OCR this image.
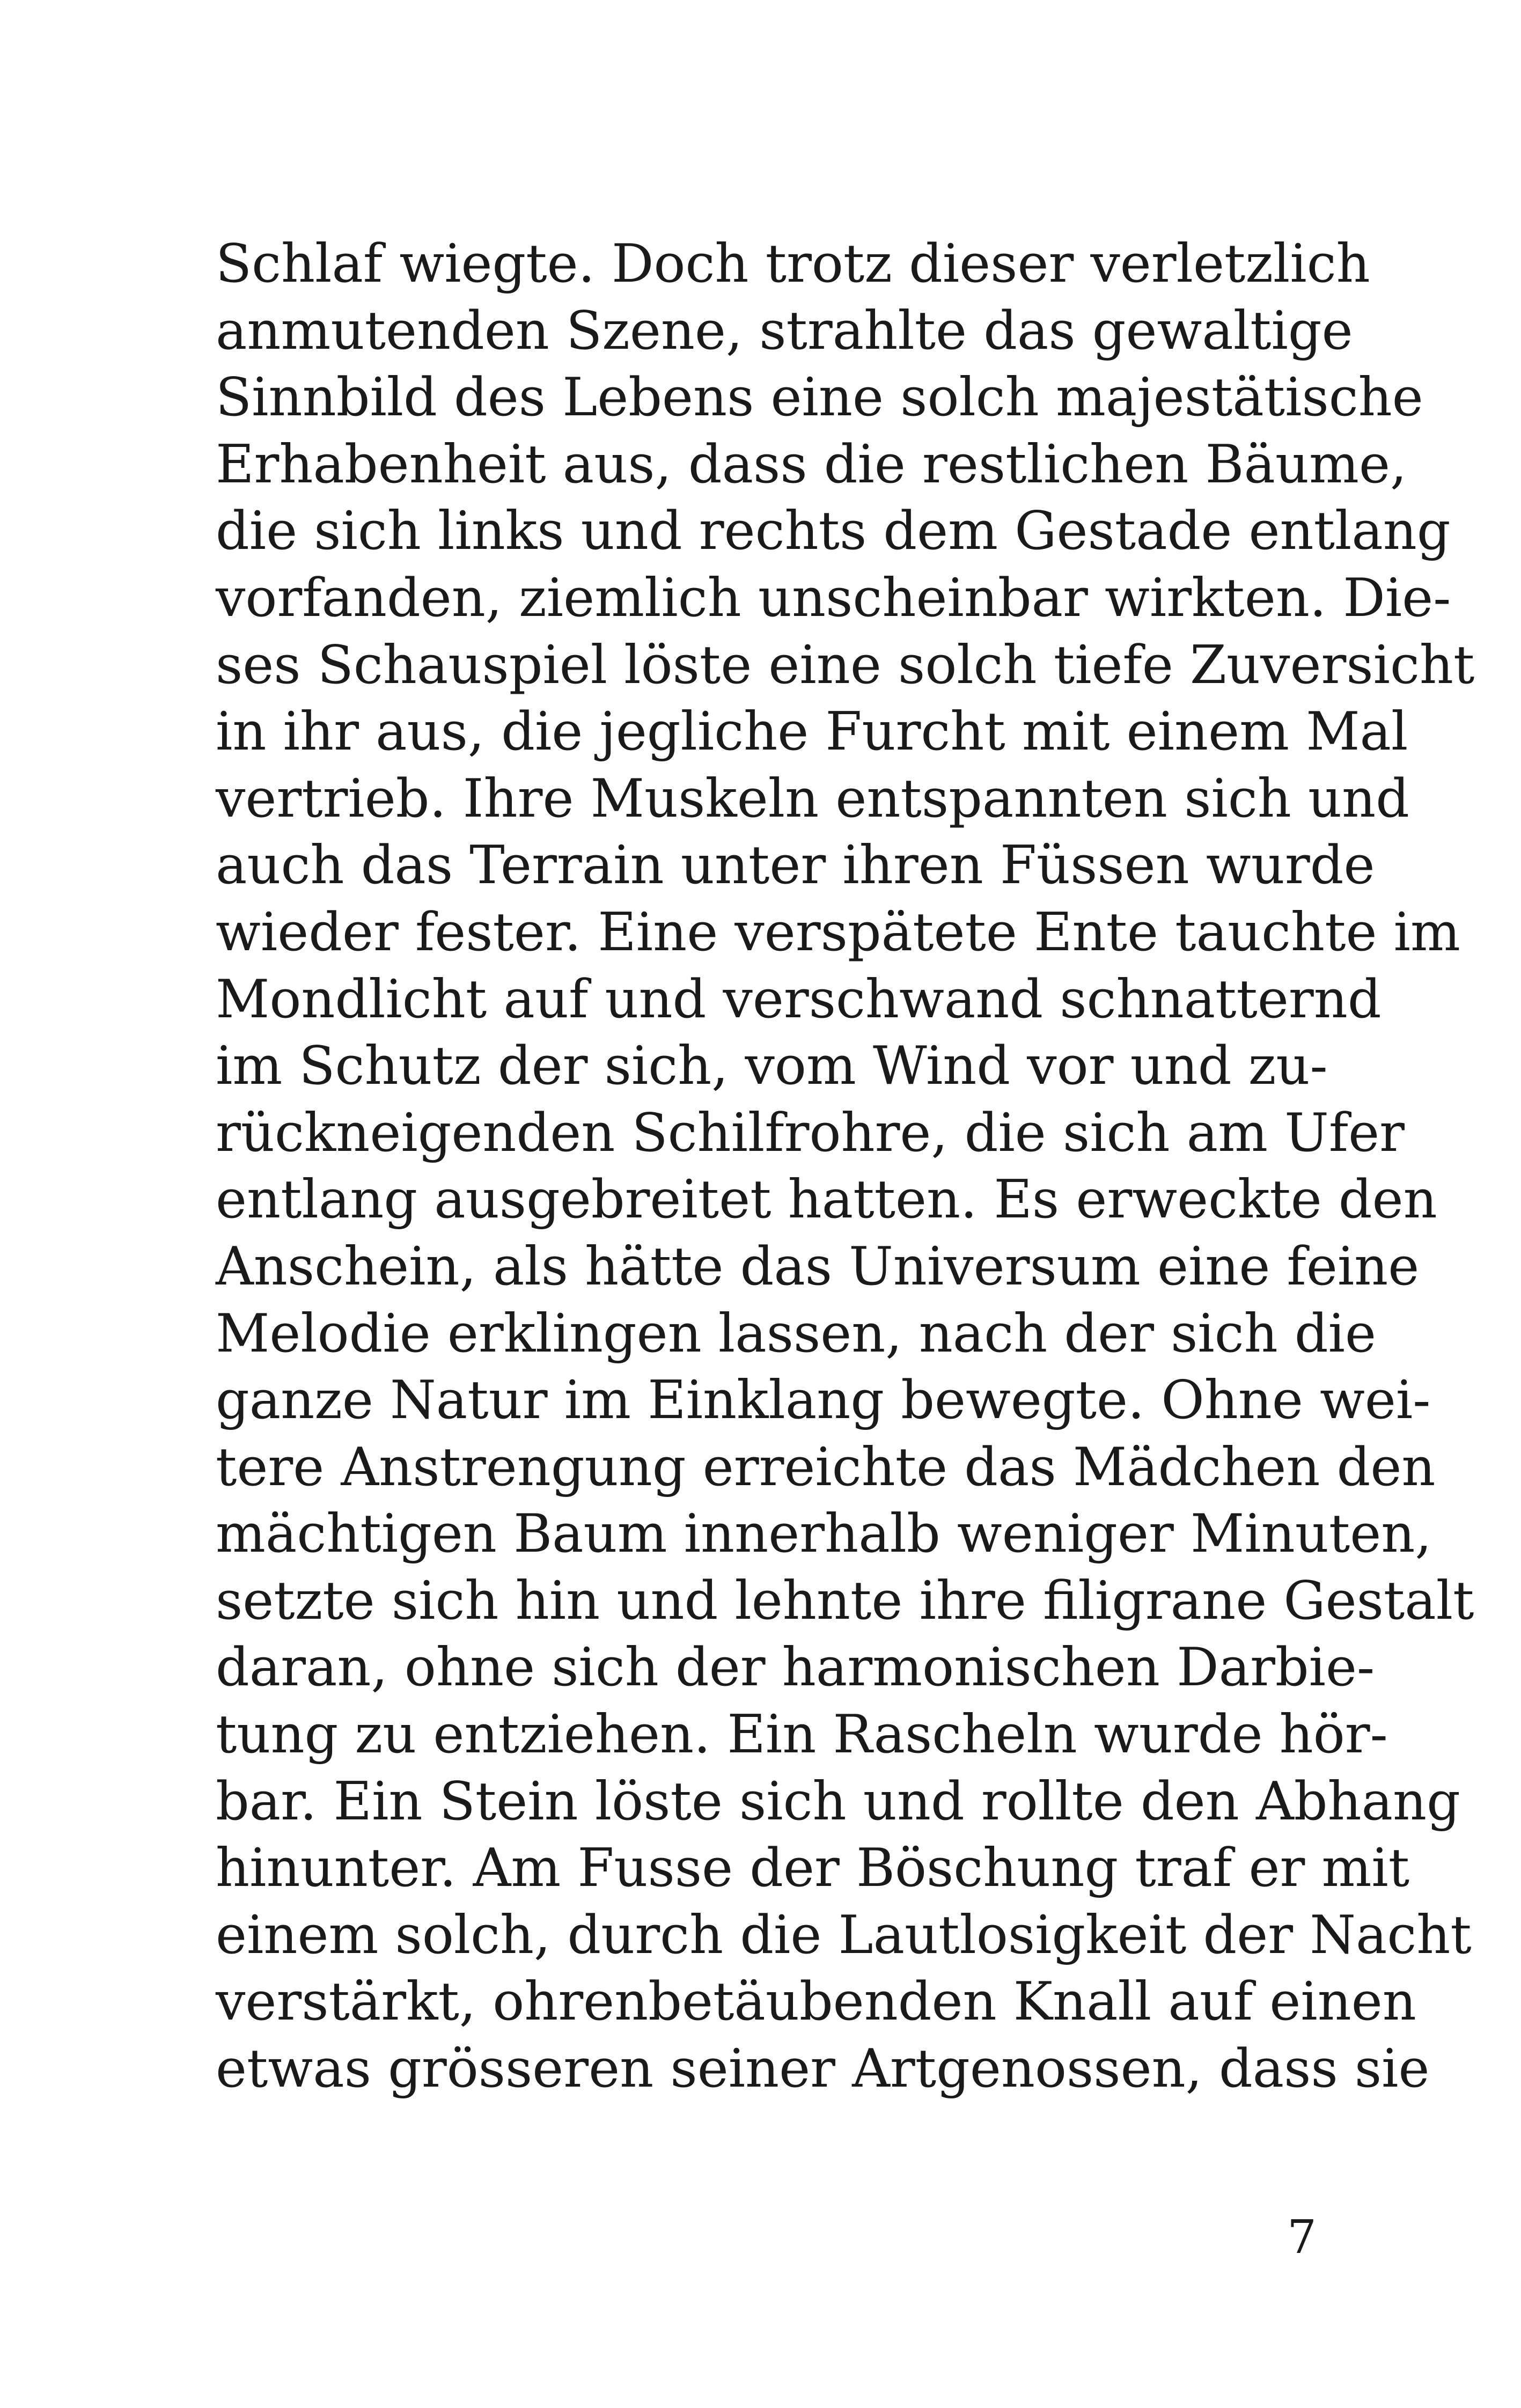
Schlaf wiegte. Doch trotz dieser verletzlich
anmutenden Szene, strahlte das gewaltige
Sinnbild des Lebens eine solch majestätische
Erhabenheit aus, dass die restlichen Bäume,
die sich links und rechts dem Gestade entlang
vorfanden, ziemlich unscheinbar wirkten. Die-
ses Schauspiel löste eine solch tiefe Zuversicht
in ihr aus, die jegliche Furcht mit einem Mal
vertrieb. Ihre Muskeln entspannten sich und
auch das Terrain unter ihren Füssen wurde
wieder fester. Eine verspätete Ente tauchte im
Mondlicht auf und verschwand schnatternd
im Schutz der sich, vom Wind vor und zu-
rückneigenden Schilfrohre, die sich am Ufer
entlang ausgebreitet hatten. Es erweckte den
Anschein, als hätte das Universum eine feine
Melodie erklingen lassen, nach der sich die
ganze Natur im Einklang bewegte. Ohne wei-
tere Anstrengung erreichte das Mädchen den
mächtigen Baum innerhalb weniger Minuten,
setzte sich hin und lehnte ihre filigrane Gestalt
daran, ohne sich der harmonischen Darbie-
tung zu entziehen. Ein Rascheln wurde hör-
bar. Ein Stein löste sich und rollte den Abhang
hinunter. Am Fusse der Böschung traf er mit
einem solch, durch die Lautlosigkeit der Nacht
verstärkt, ohrenbetäubenden Knall auf einen
etwas grösseren seiner Artgenossen, dass sie
7
